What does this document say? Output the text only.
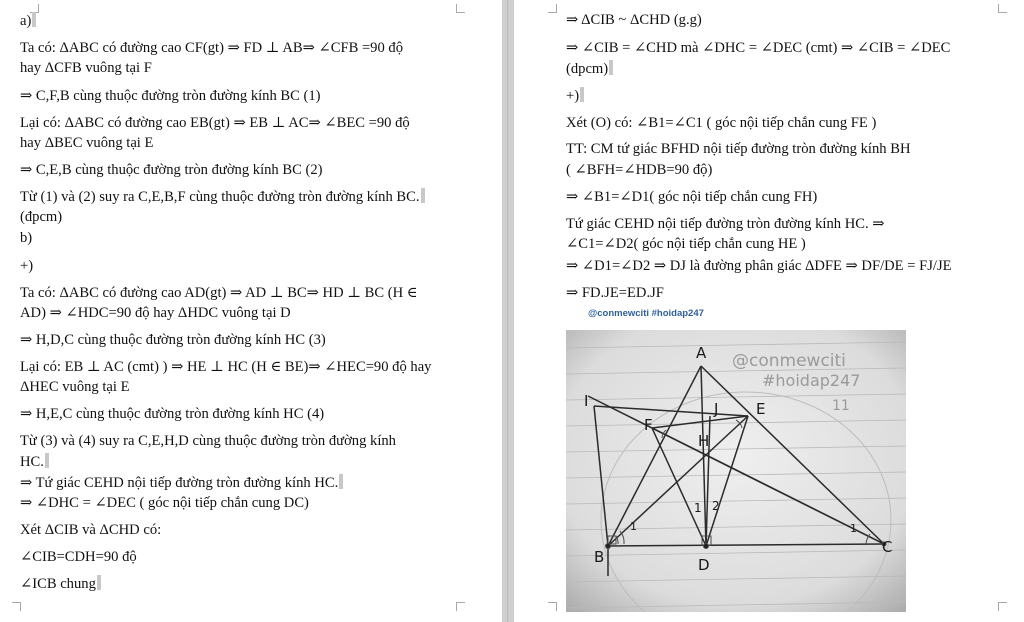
a)
Ta có: ΔABC có đường cao CF(gt) ⇒ FD ⊥ AB⇒ ∠CFB =90 độ
hay ΔCFB vuông tại F
⇒ C,F,B cùng thuộc đường tròn đường kính BC (1)
Lại có: ΔABC có đường cao EB(gt) ⇒ EB ⊥ AC⇒ ∠BEC =90 độ
hay ΔBEC vuông tại E
⇒ C,E,B cùng thuộc đường tròn đường kính BC (2)
Từ (1) và (2) suy ra C,E,B,F cùng thuộc đường tròn đường kính BC.
(đpcm)
b)
+)
Ta có: ΔABC có đường cao AD(gt) ⇒ AD ⊥ BC⇒ HD ⊥ BC (H ∈
AD) ⇒ ∠HDC=90 độ hay ΔHDC vuông tại D
⇒ H,D,C cùng thuộc đường tròn đường kính HC (3)
Lại có: EB ⊥ AC (cmt) ) ⇒ HE ⊥ HC (H ∈ BE)⇒ ∠HEC=90 độ hay
ΔHEC vuông tại E
⇒ H,E,C cùng thuộc đường tròn đường kính HC (4)
Từ (3) và (4) suy ra C,E,H,D cùng thuộc đường tròn đường kính
HC.
⇒ Tứ giác CEHD nội tiếp đường tròn đường kính HC.
⇒ ∠DHC = ∠DEC ( góc nội tiếp chắn cung DC)
Xét ΔCIB và ΔCHD có:
∠CIB=CDH=90 độ
∠ICB chung
⇒ ΔCIB ~ ΔCHD (g.g)
⇒ ∠CIB = ∠CHD mà ∠DHC = ∠DEC (cmt) ⇒ ∠CIB = ∠DEC
(dpcm)
+)
Xét (O) có: ∠B1=∠C1 ( góc nội tiếp chắn cung FE )
TT: CM tứ giác BFHD nội tiếp đường tròn đường kính BH
( ∠BFH=∠HDB=90 độ)
⇒ ∠B1=∠D1( góc nội tiếp chắn cung FH)
Tứ giác CEHD nội tiếp đường tròn đường kính HC. ⇒
∠C1=∠D2( góc nội tiếp chắn cung HE )
⇒ ∠D1=∠D2 ⇒ DJ là đường phân giác ΔDFE ⇒ DF/DE = FJ/JE
⇒ FD.JE=ED.JF
@conmewciti #hoidap247
@conmewciti
#hoidap247
11
A
B
C
D
E
F
H
I	J
1 2
1	1
